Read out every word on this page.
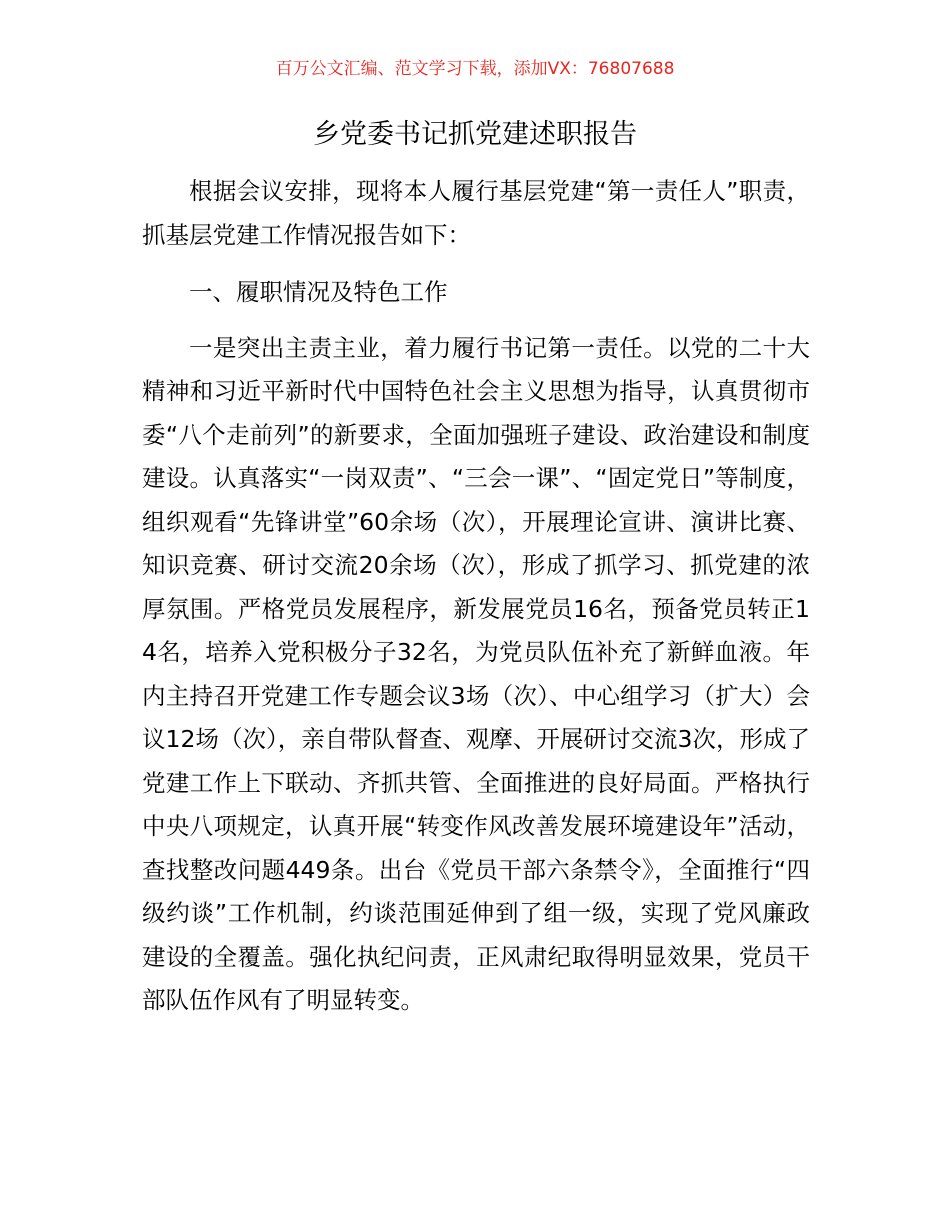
百万公文汇编、范文学习下载，添加VX：76807688
乡党委书记抓党建述职报告

根据会议安排，现将本人履行基层党建“第一责任人”职责，抓基层党建工作情况报告如下：

一、履职情况及特色工作

一是突出主责主业，着力履行书记第一责任。以党的二十大精神和习近平新时代中国特色社会主义思想为指导，认真贯彻市委“八个走前列”的新要求，全面加强班子建设、政治建设和制度建设。认真落实“一岗双责”、“三会一课”、“固定党日”等制度，组织观看“先锋讲堂”60余场（次），开展理论宣讲、演讲比赛、知识竞赛、研讨交流20余场（次），形成了抓学习、抓党建的浓厚氛围。严格党员发展程序，新发展党员16名，预备党员转正14名，培养入党积极分子32名，为党员队伍补充了新鲜血液。年内主持召开党建工作专题会议3场（次）、中心组学习（扩大）会议12场（次），亲自带队督查、观摩、开展研讨交流3次，形成了党建工作上下联动、齐抓共管、全面推进的良好局面。严格执行中央八项规定，认真开展“转变作风改善发展环境建设年”活动，查找整改问题449条。出台《党员干部六条禁令》，全面推行“四级约谈”工作机制，约谈范围延伸到了组一级，实现了党风廉政建设的全覆盖。强化执纪问责，正风肃纪取得明显效果，党员干部队伍作风有了明显转变。
